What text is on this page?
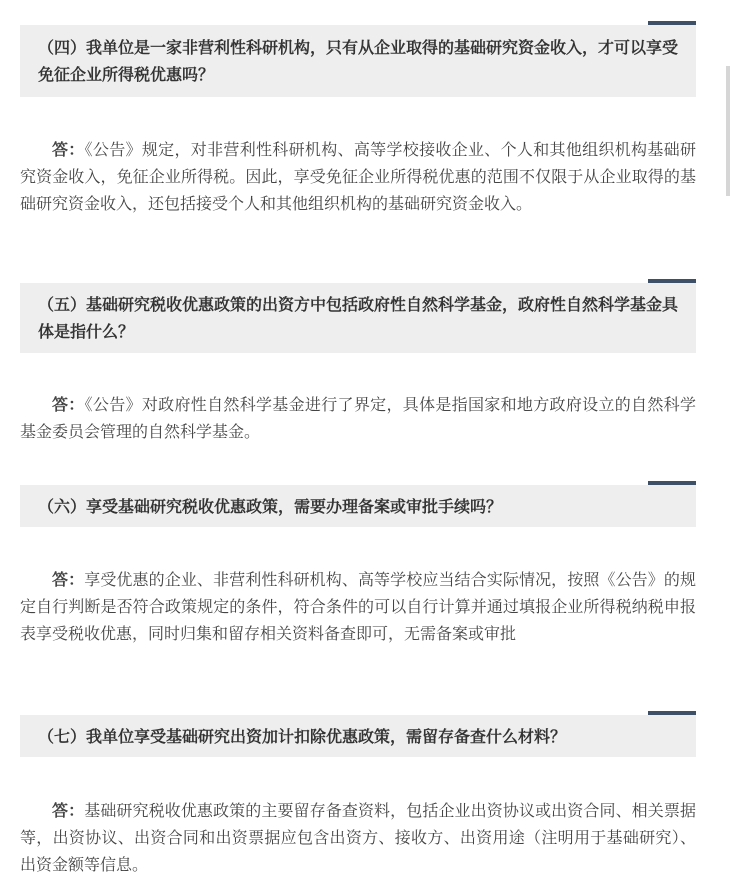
（四）我单位是一家非营利性科研机构，只有从企业取得的基础研究资金收入，才可以享受免征企业所得税优惠吗？

答：《公告》规定，对非营利性科研机构、高等学校接收企业、个人和其他组织机构基础研究资金收入，免征企业所得税。因此，享受免征企业所得税优惠的范围不仅限于从企业取得的基础研究资金收入，还包括接受个人和其他组织机构的基础研究资金收入。

（五）基础研究税收优惠政策的出资方中包括政府性自然科学基金，政府性自然科学基金具体是指什么？

答：《公告》对政府性自然科学基金进行了界定，具体是指国家和地方政府设立的自然科学基金委员会管理的自然科学基金。

（六）享受基础研究税收优惠政策，需要办理备案或审批手续吗？

答：享受优惠的企业、非营利性科研机构、高等学校应当结合实际情况，按照《公告》的规定自行判断是否符合政策规定的条件，符合条件的可以自行计算并通过填报企业所得税纳税申报表享受税收优惠，同时归集和留存相关资料备查即可，无需备案或审批

（七）我单位享受基础研究出资加计扣除优惠政策，需留存备查什么材料？

答：基础研究税收优惠政策的主要留存备查资料，包括企业出资协议或出资合同、相关票据等，出资协议、出资合同和出资票据应包含出资方、接收方、出资用途（注明用于基础研究）、出资金额等信息。
